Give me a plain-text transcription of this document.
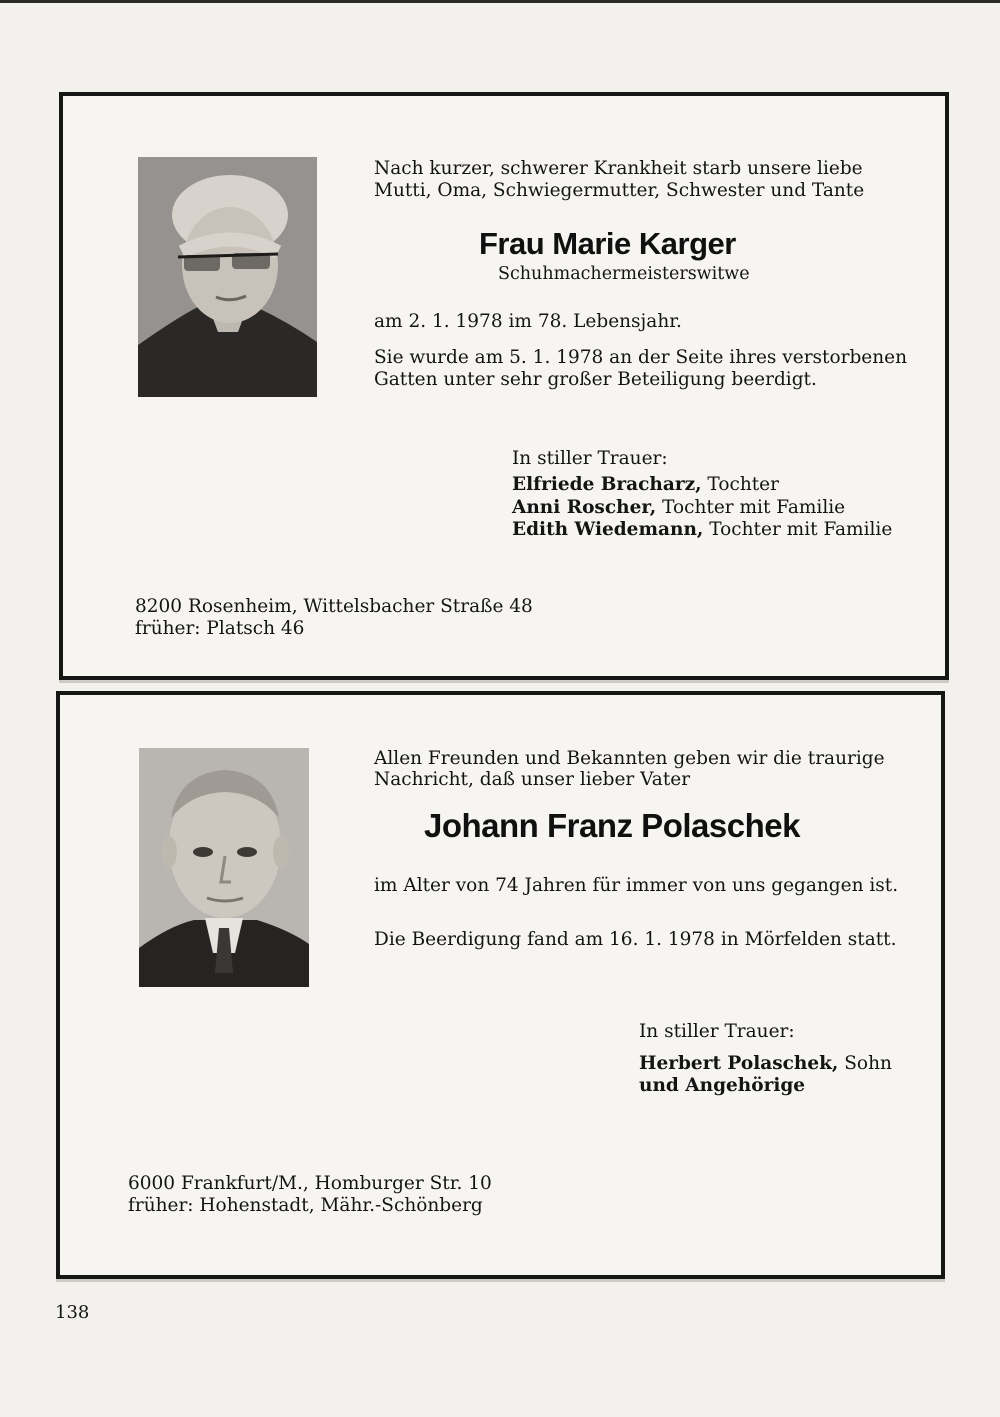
Nach kurzer, schwerer Krankheit starb unsere liebe
Mutti, Oma, Schwiegermutter, Schwester und Tante
Frau Marie Karger
Schuhmachermeisterswitwe
am 2. 1. 1978 im 78. Lebensjahr.
Sie wurde am 5. 1. 1978 an der Seite ihres verstorbenen
Gatten unter sehr großer Beteiligung beerdigt.
In stiller Trauer:
Elfriede Bracharz, Tochter
Anni Roscher, Tochter mit Familie
Edith Wiedemann, Tochter mit Familie
8200 Rosenheim, Wittelsbacher Straße 48
früher: Platsch 46
Allen Freunden und Bekannten geben wir die traurige
Nachricht, daß unser lieber Vater
Johann Franz Polaschek
im Alter von 74 Jahren für immer von uns gegangen ist.
Die Beerdigung fand am 16. 1. 1978 in Mörfelden statt.
In stiller Trauer:
Herbert Polaschek, Sohn
und Angehörige
6000 Frankfurt/M., Homburger Str. 10
früher: Hohenstadt, Mähr.-Schönberg
138
